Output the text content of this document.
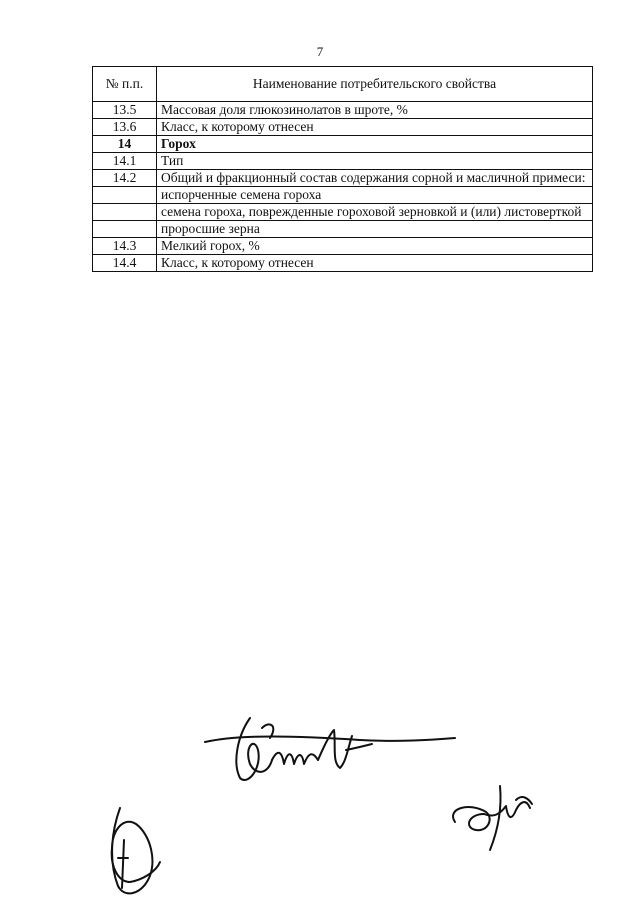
7
№ п.п.	Наименование потребительского свойства
13.5	Массовая доля глюкозинолатов в шроте, %
13.6	Класс, к которому отнесен
14	Горох
14.1	Тип
14.2	Общий и фракционный состав содержания сорной и масличной примеси:
	испорченные семена гороха
	семена гороха, поврежденные гороховой зерновкой и (или) листоверткой
	проросшие зерна
14.3	Мелкий горох, %
14.4	Класс, к которому отнесен
